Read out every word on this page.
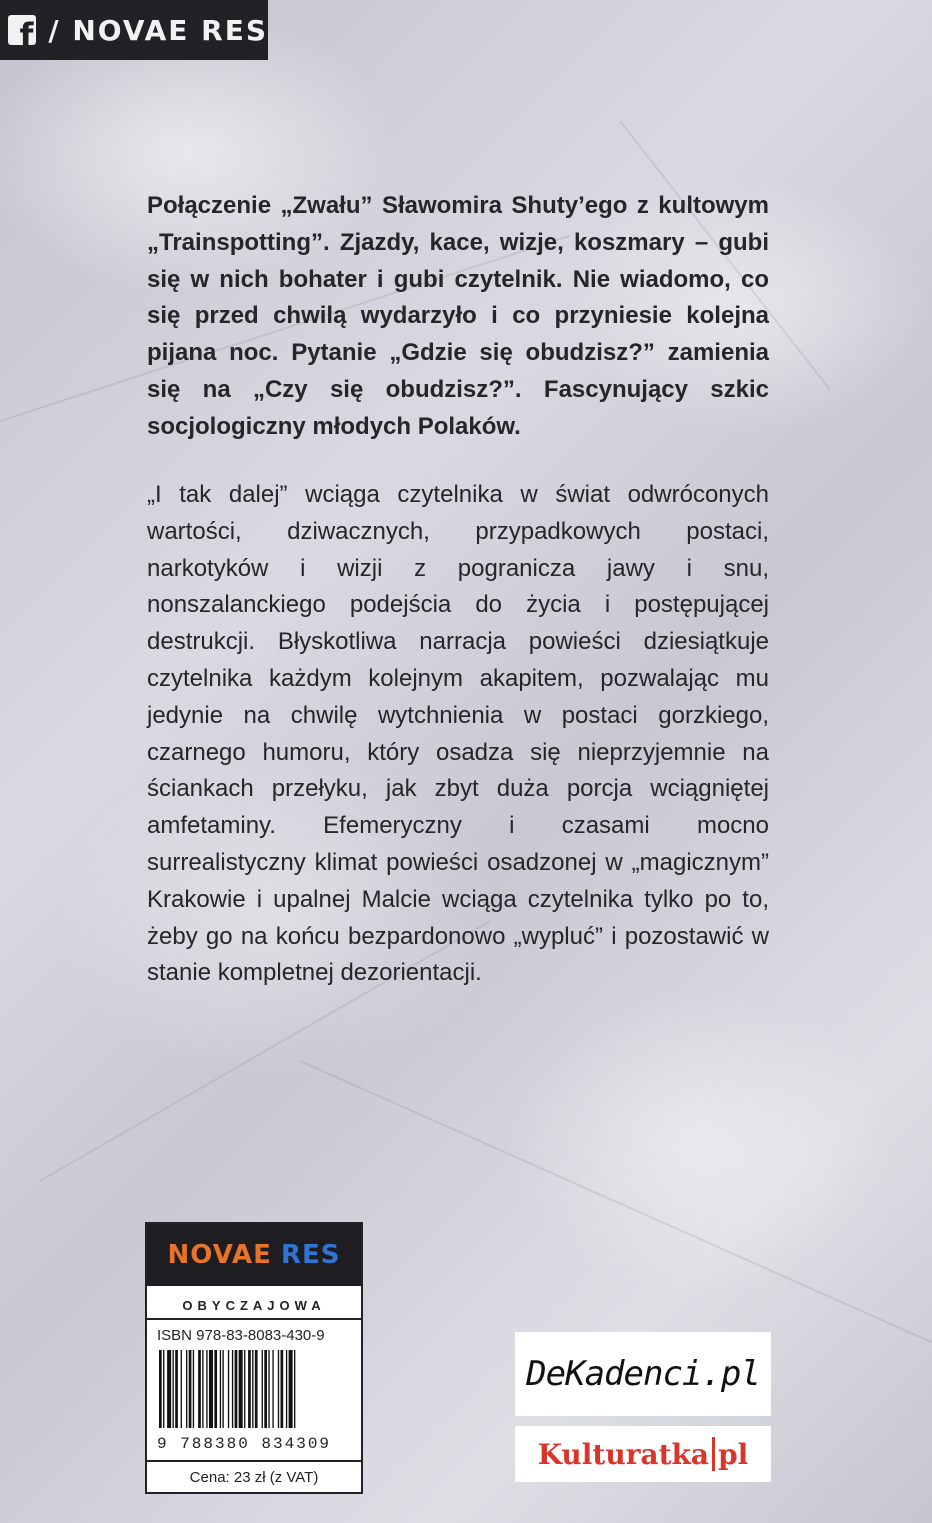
f / NOVAE RES

Połączenie „Zwału” Sławomira Shuty’ego z kultowym „Trainspotting”. Zjazdy, kace, wizje, koszmary – gubi się w nich bohater i gubi czytelnik. Nie wiadomo, co się przed chwilą wydarzyło i co przyniesie kolejna pijana noc. Pytanie „Gdzie się obudzisz?” zamienia się na „Czy się obudzisz?”. Fascynujący szkic socjologiczny młodych Polaków.

„I tak dalej” wciąga czytelnika w świat odwróconych wartości, dziwacznych, przypadkowych postaci, narkotyków i wizji z pogranicza jawy i snu, nonszalanckiego podejścia do życia i postępującej destrukcji. Błyskotliwa narracja powieści dziesiątkuje czytelnika każdym kolejnym akapitem, pozwalając mu jedynie na chwilę wytchnienia w postaci gorzkiego, czarnego humoru, który osadza się nieprzyjemnie na ściankach przełyku, jak zbyt duża porcja wciągniętej amfetaminy. Efemeryczny i czasami mocno surrealistyczny klimat powieści osadzonej w „magicznym” Krakowie i upalnej Malcie wciąga czytelnika tylko po to, żeby go na końcu bezpardonowo „wypluć” i pozostawić w stanie kompletnej dezorientacji.

NOVAE RES
OBYCZAJOWA
ISBN 978-83-8083-430-9
9 788380 834309
Cena: 23 zł (z VAT)
DeKadenci.pl
Kulturatka pl
